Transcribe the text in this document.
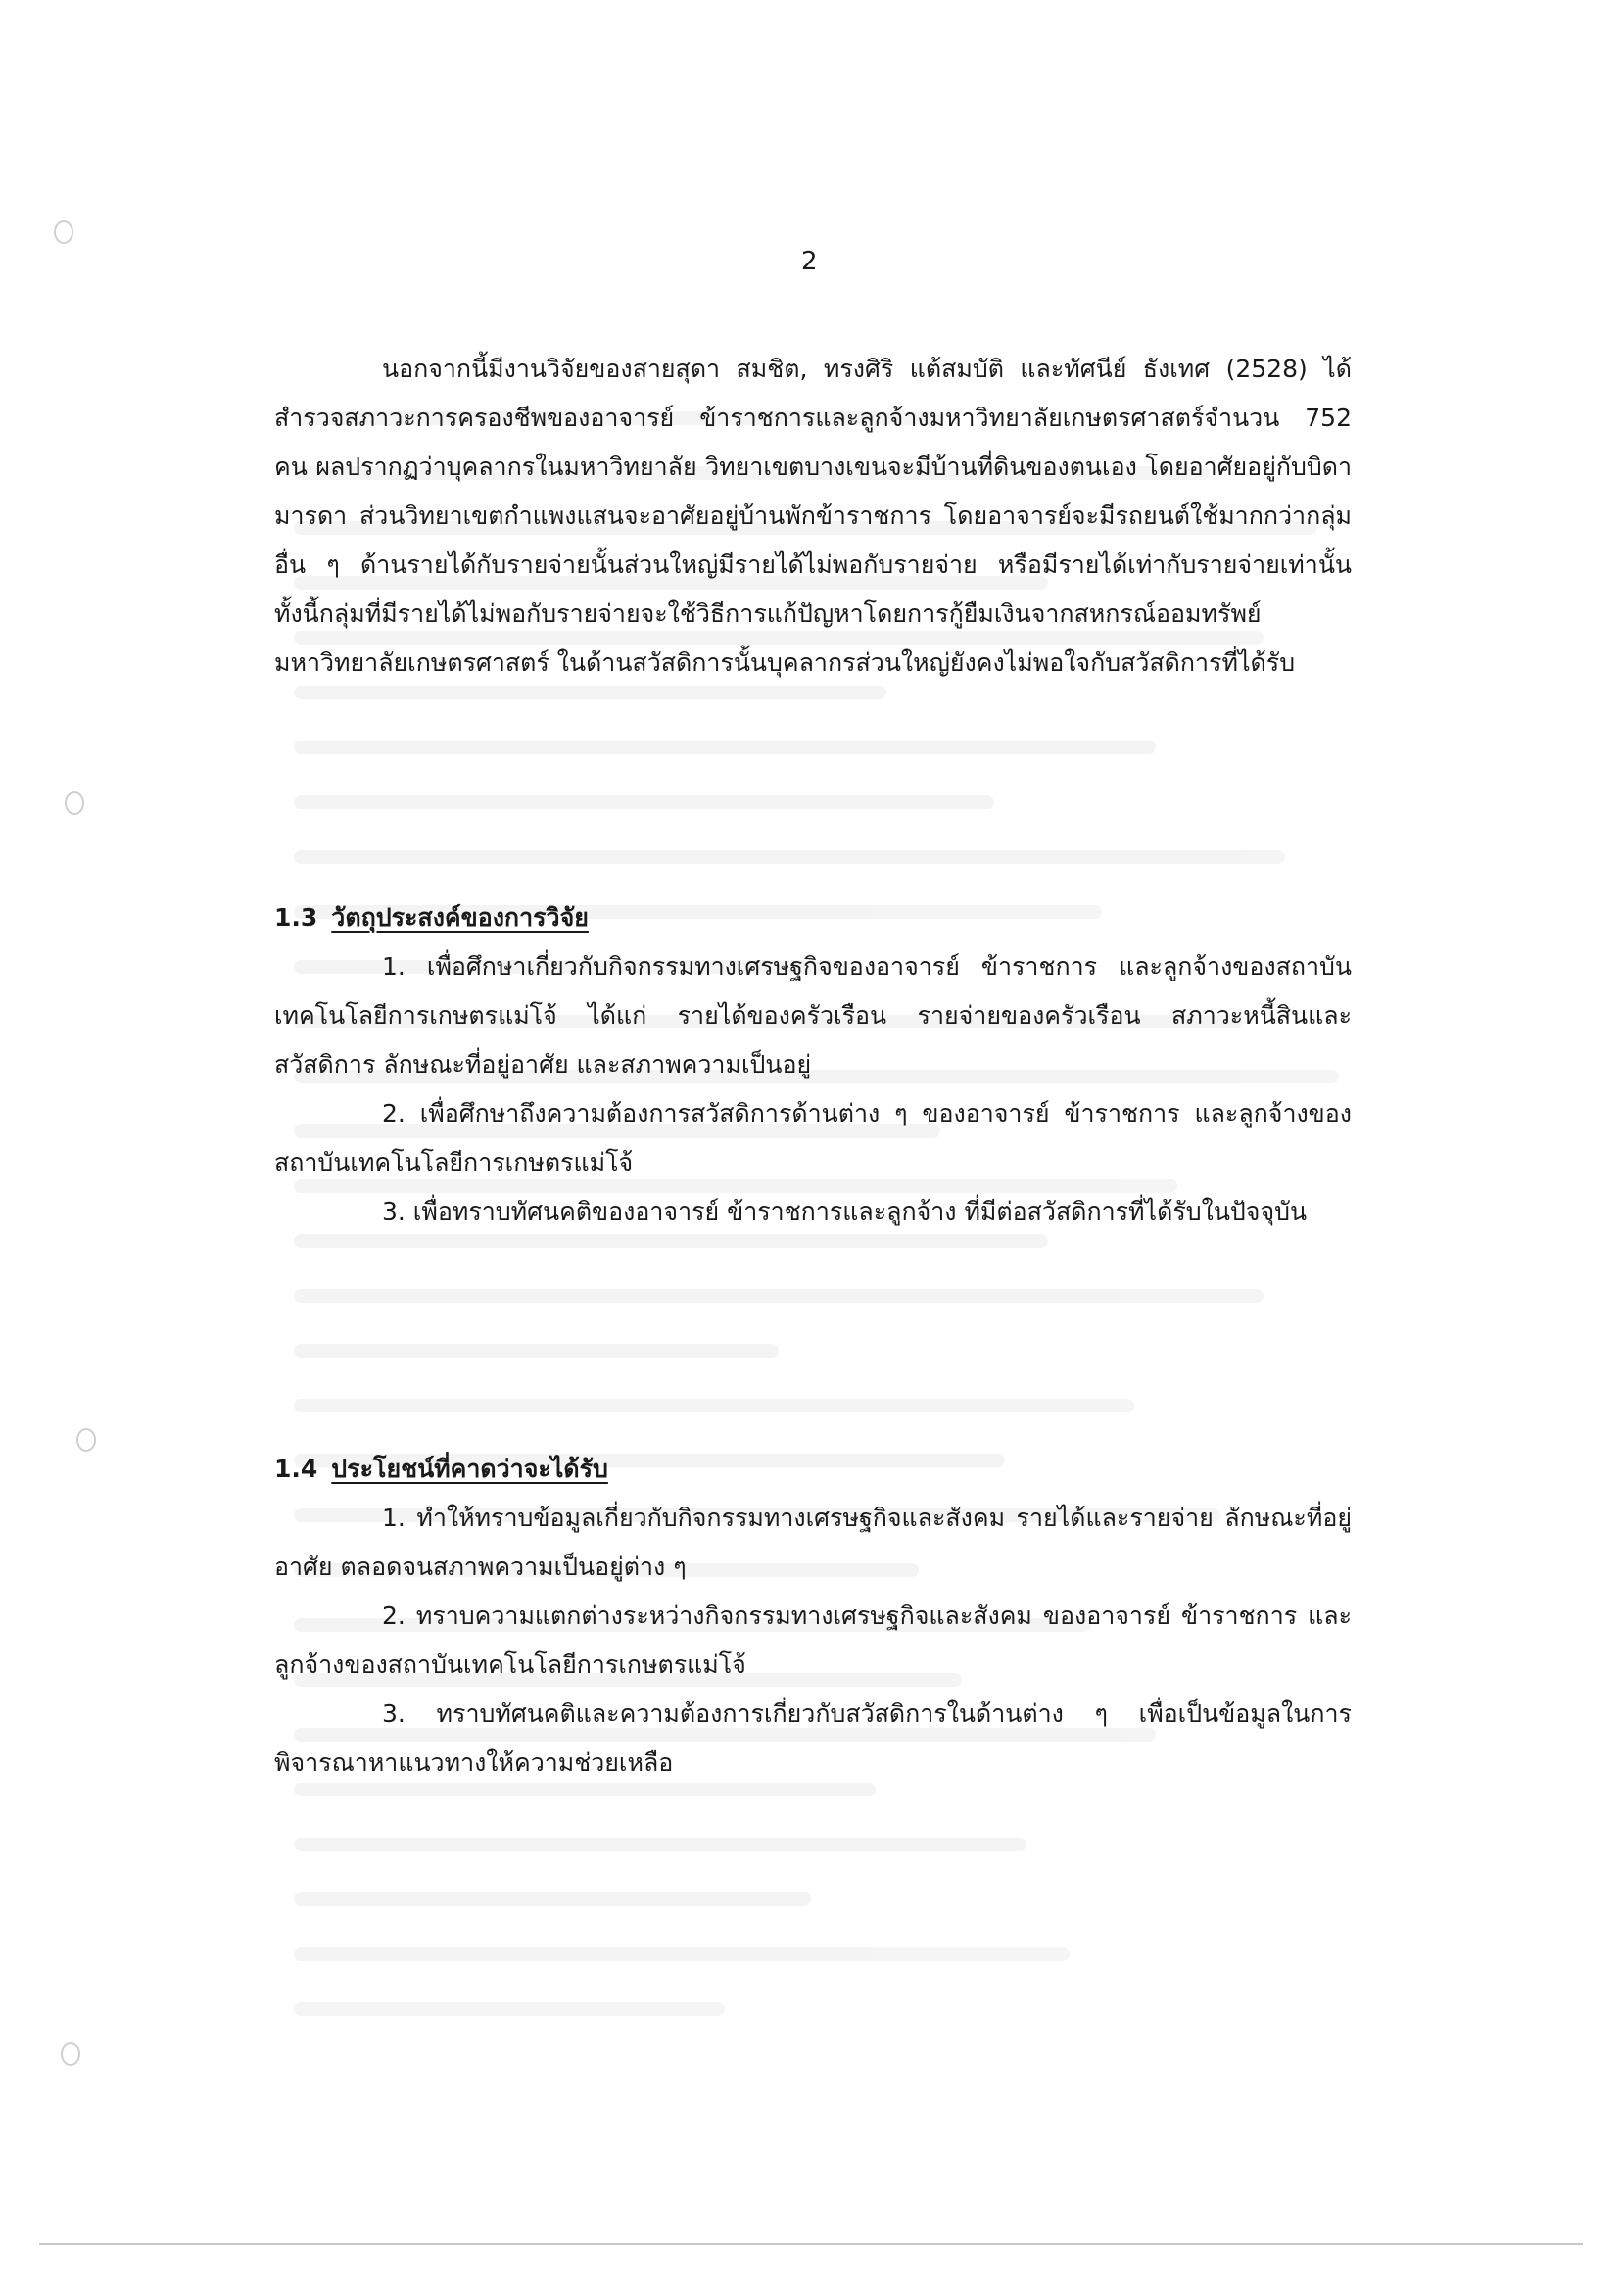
2

นอกจากนี้มีงานวิจัยของสายสุดา สมชิต, ทรงศิริ แต้สมบัติ และทัศนีย์ ธังเทศ (2528) ได้สำรวจสภาวะการครองชีพของอาจารย์ ข้าราชการและลูกจ้างมหาวิทยาลัยเกษตรศาสตร์จำนวน 752 คน ผลปรากฏว่าบุคลากรในมหาวิทยาลัย วิทยาเขตบางเขนจะมีบ้านที่ดินของตนเอง โดยอาศัยอยู่กับบิดามารดา ส่วนวิทยาเขตกำแพงแสนจะอาศัยอยู่บ้านพักข้าราชการ โดยอาจารย์จะมีรถยนต์ใช้มากกว่ากลุ่มอื่น ๆ ด้านรายได้กับรายจ่ายนั้นส่วนใหญ่มีรายได้ไม่พอกับรายจ่าย หรือมีรายได้เท่ากับรายจ่ายเท่านั้น ทั้งนี้กลุ่มที่มีรายได้ไม่พอกับรายจ่ายจะใช้วิธีการแก้ปัญหาโดยการกู้ยืมเงินจากสหกรณ์ออมทรัพย์มหาวิทยาลัยเกษตรศาสตร์ ในด้านสวัสดิการนั้นบุคลากรส่วนใหญ่ยังคงไม่พอใจกับสวัสดิการที่ได้รับ

1.3 วัตถุประสงค์ของการวิจัย

1. เพื่อศึกษาเกี่ยวกับกิจกรรมทางเศรษฐกิจของอาจารย์ ข้าราชการ และลูกจ้างของสถาบันเทคโนโลยีการเกษตรแม่โจ้ ได้แก่ รายได้ของครัวเรือน รายจ่ายของครัวเรือน สภาวะหนี้สินและสวัสดิการ ลักษณะที่อยู่อาศัย และสภาพความเป็นอยู่

2. เพื่อศึกษาถึงความต้องการสวัสดิการด้านต่าง ๆ ของอาจารย์ ข้าราชการ และลูกจ้างของสถาบันเทคโนโลยีการเกษตรแม่โจ้

3. เพื่อทราบทัศนคติของอาจารย์ ข้าราชการและลูกจ้าง ที่มีต่อสวัสดิการที่ได้รับในปัจจุบัน

1.4 ประโยชน์ที่คาดว่าจะได้รับ

1. ทำให้ทราบข้อมูลเกี่ยวกับกิจกรรมทางเศรษฐกิจและสังคม รายได้และรายจ่าย ลักษณะที่อยู่อาศัย ตลอดจนสภาพความเป็นอยู่ต่าง ๆ

2. ทราบความแตกต่างระหว่างกิจกรรมทางเศรษฐกิจและสังคม ของอาจารย์ ข้าราชการ และลูกจ้างของสถาบันเทคโนโลยีการเกษตรแม่โจ้

3. ทราบทัศนคติและความต้องการเกี่ยวกับสวัสดิการในด้านต่าง ๆ เพื่อเป็นข้อมูลในการพิจารณาหาแนวทางให้ความช่วยเหลือ
